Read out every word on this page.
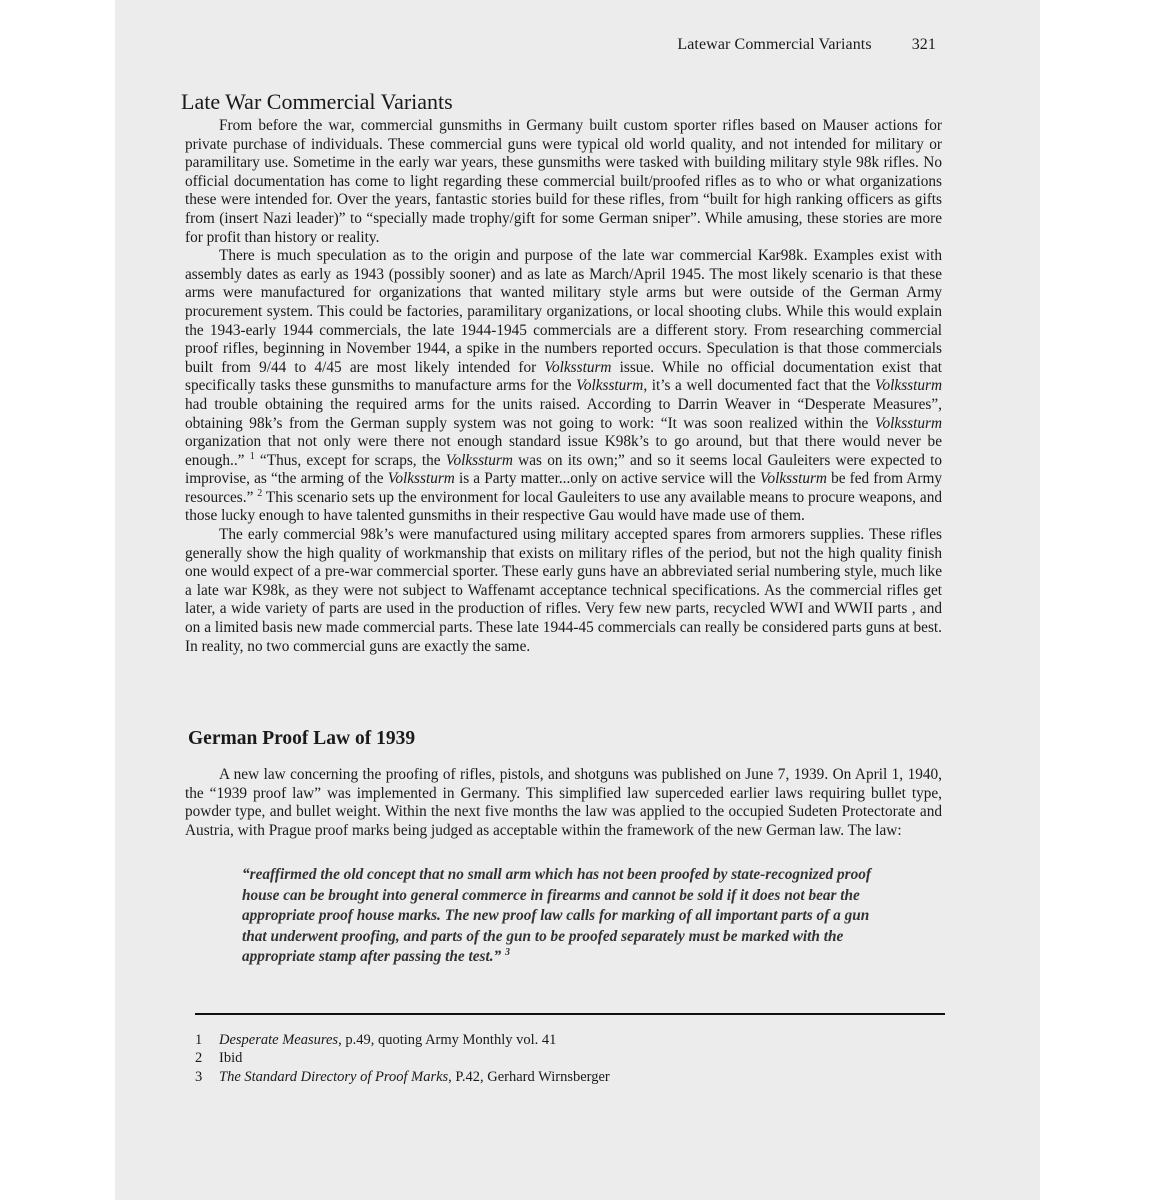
Latewar Commercial Variants	321
Late War Commercial Variants

From before the war, commercial gunsmiths in Germany built custom sporter rifles based on Mauser actions for private purchase of individuals. These commercial guns were typical old world quality, and not intended for military or paramilitary use. Sometime in the early war years, these gunsmiths were tasked with building military style 98k rifles. No official documentation has come to light regarding these commercial built/proofed rifles as to who or what organizations these were intended for. Over the years, fantastic stories build for these rifles, from “built for high ranking officers as gifts from (insert Nazi leader)” to “specially made trophy/gift for some German sniper”. While amusing, these stories are more for profit than history or reality.

There is much speculation as to the origin and purpose of the late war commercial Kar98k. Examples exist with assembly dates as early as 1943 (possibly sooner) and as late as March/April 1945. The most likely scenario is that these arms were manufactured for organizations that wanted military style arms but were outside of the German Army procurement system. This could be factories, paramilitary organizations, or local shooting clubs. While this would explain the 1943-early 1944 commercials, the late 1944-1945 commercials are a different story. From researching commercial proof rifles, beginning in November 1944, a spike in the numbers reported occurs. Speculation is that those commercials built from 9/44 to 4/45 are most likely intended for Volkssturm issue. While no official documentation exist that specifically tasks these gunsmiths to manufacture arms for the Volkssturm, it’s a well documented fact that the Volkssturm had trouble obtaining the required arms for the units raised. According to Darrin Weaver in “Desperate Measures”, obtaining 98k’s from the German supply system was not going to work: “It was soon realized within the Volkssturm organization that not only were there not enough standard issue K98k’s to go around, but that there would never be enough..” $^1$ “Thus, except for scraps, the Volkssturm was on its own;” and so it seems local Gauleiters were expected to improvise, as “the arming of the Volkssturm is a Party matter...only on active service will the Volkssturm be fed from Army resources.” $^2$ This scenario sets up the environment for local Gauleiters to use any available means to procure weapons, and those lucky enough to have talented gunsmiths in their respective Gau would have made use of them.

The early commercial 98k’s were manufactured using military accepted spares from armorers supplies. These rifles generally show the high quality of workmanship that exists on military rifles of the period, but not the high quality finish one would expect of a pre-war commercial sporter. These early guns have an abbreviated serial numbering style, much like a late war K98k, as they were not subject to Waffenamt acceptance technical specifications. As the commercial rifles get later, a wide variety of parts are used in the production of rifles. Very few new parts, recycled WWI and WWII parts , and on a limited basis new made commercial parts. These late 1944-45 commercials can really be considered parts guns at best. In reality, no two commercial guns are exactly the same.

German Proof Law of 1939

A new law concerning the proofing of rifles, pistols, and shotguns was published on June 7, 1939. On April 1, 1940, the “1939 proof law” was implemented in Germany. This simplified law superceded earlier laws requiring bullet type, powder type, and bullet weight. Within the next five months the law was applied to the occupied Sudeten Protectorate and Austria, with Prague proof marks being judged as acceptable within the framework of the new German law. The law:

“reaffirmed the old concept that no small arm which has not been proofed by state-recognized proof house can be brought into general commerce in firearms and cannot be sold if it does not bear the appropriate proof house marks. The new proof law calls for marking of all important parts of a gun that underwent proofing, and parts of the gun to be proofed separately must be marked with the appropriate stamp after passing the test.” $^3$

1	Desperate Measures, p.49, quoting Army Monthly vol. 41
2	Ibid
3	The Standard Directory of Proof Marks, P.42, Gerhard Wirnsberger
